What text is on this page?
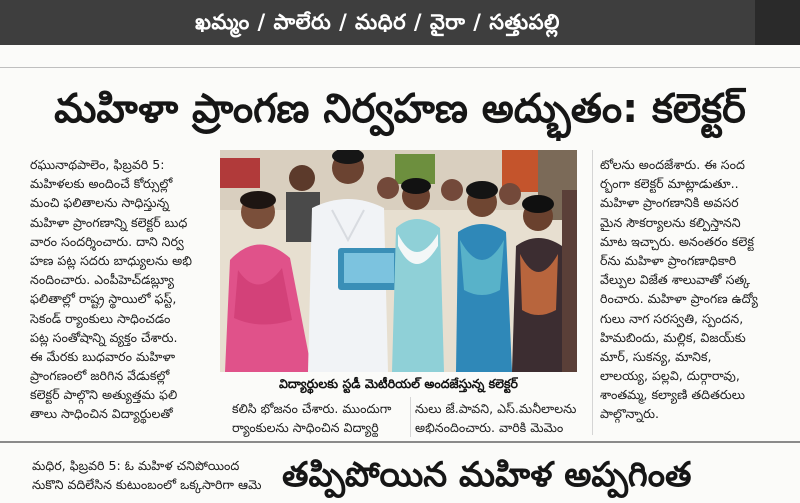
ఖమ్మం / పాలేరు / మధిర / వైరా / సత్తుపల్లి
మహిళా ప్రాంగణ నిర్వహణ అద్భుతం: కలెక్టర్
రఘునాథపాలెం, ఫిబ్రవరి 5:
మహిళలకు అందించే కోర్సుల్లో
మంచి ఫలితాలను సాధిస్తున్న
మహిళా ప్రాంగణాన్ని కలెక్టర్ బుధ
వారం సందర్శించారు. దాని నిర్వ
హణ పట్ల సదరు బాధ్యులను అభి
నందించారు. ఎంపీహెచ్‌డబ్ల్యూ
ఫలితాల్లో రాష్ట్ర స్థాయిలో ఫస్ట్,
సెకండ్ ర్యాంకులు సాధించడం
పట్ల సంతోషాన్ని వ్యక్తం చేశారు.
ఈ మేరకు బుధవారం మహిళా
ప్రాంగణంలో జరిగిన వేడుకల్లో
కలెక్టర్ పాల్గొని అత్యుత్తమ ఫలి
తాలు సాధించిన విద్యార్థులతో
విద్యార్థులకు స్టడీ మెటీరియల్ అందజేస్తున్న కలెక్టర్
కలిసి భోజనం చేశారు. ముందుగా
ర్యాంకులను సాధించిన విద్యార్థి
నులు జే.పావని, ఎస్.మనీలాలను
అభినందించారు. వారికి మెమెం
టోలను అందజేశారు. ఈ సంద
ర్భంగా కలెక్టర్ మాట్లాడుతూ..
మహిళా ప్రాంగణానికి అవసర
మైన సౌకర్యాలను కల్పిస్తానని
మాట ఇచ్చారు. అనంతరం కలెక్ట
ర్‌ను మహిళా ప్రాంగణాధికారి
వేల్పుల విజేత శాలువాతో సత్క
రించారు. మహిళా ప్రాంగణ ఉద్యో
గులు నాగ సరస్వతి, స్పందన,
హిమబిందు, మల్లిక, విజయ్‌కు
మార్, సుకన్య, మానిక,
లాలయ్య, పల్లవి, దుర్గారావు,
శాంతమ్మ, కల్యాణి తదితరులు
పాల్గొన్నారు.
మధిర, ఫిబ్రవరి 5: ఓ మహిళ చనిపోయింద
నుకొని వదిలేసిన కుటుంబంలో ఒక్కసారిగా ఆమె తప్పిపోయిన మహిళ అప్పగింత
